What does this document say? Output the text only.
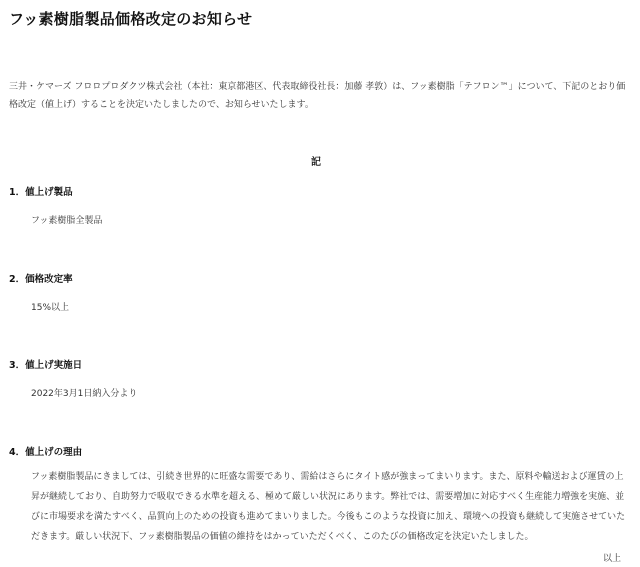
フッ素樹脂製品価格改定のお知らせ
三井・ケマーズ フロロプロダクツ株式会社（本社：東京都港区、代表取締役社長：加藤 孝敦）は、フッ素樹脂「テフロン™」について、下記のとおり価格改定（値上げ）することを決定いたしましたので、お知らせいたします。
記
1．値上げ製品
フッ素樹脂全製品
2．価格改定率
15%以上
3．値上げ実施日
2022年3月1日納入分より
4．値上げの理由
フッ素樹脂製品にきましては、引続き世界的に旺盛な需要であり、需給はさらにタイト感が強まってまいります。また、原料や輸送および運賃の上昇が継続しており、自助努力で吸収できる水準を超える、極めて厳しい状況にあります。弊社では、需要増加に対応すべく生産能力増強を実施、並びに市場要求を満たすべく、品質向上のための投資も進めてまいりました。今後もこのような投資に加え、環境への投資も継続して実施させていただきます。厳しい状況下、フッ素樹脂製品の価値の維持をはかっていただくべく、このたびの価格改定を決定いたしました。
以上
